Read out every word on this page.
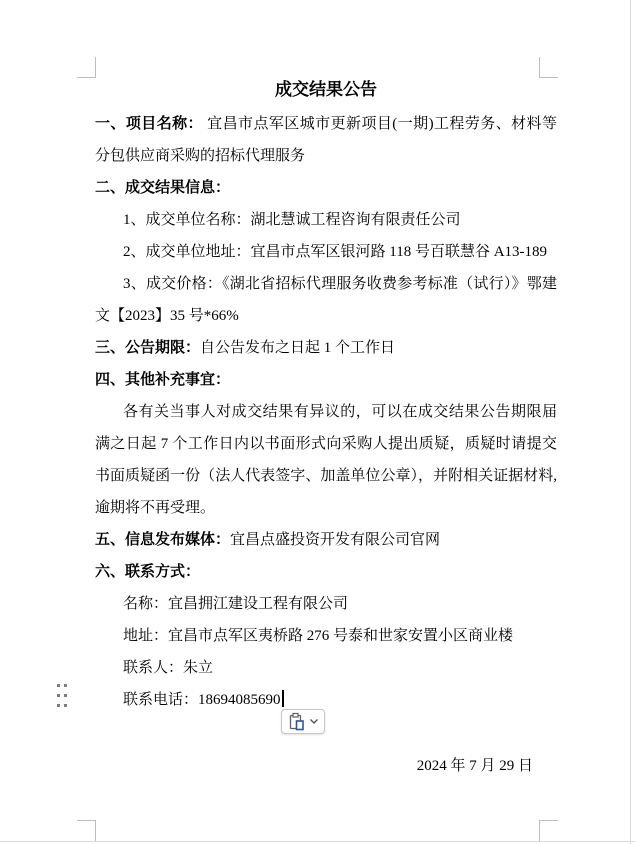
成交结果公告

一、项目名称： 宜昌市点军区城市更新项目(一期)工程劳务、材料等分包供应商采购的招标代理服务

二、成交结果信息：

1、成交单位名称：湖北慧诚工程咨询有限责任公司

2、成交单位地址：宜昌市点军区银河路 118 号百联慧谷 A13-189

3、成交价格：《湖北省招标代理服务收费参考标准（试行）》鄂建文【2023】35 号*66%

三、公告期限：自公告发布之日起 1 个工作日

四、其他补充事宜：

各有关当事人对成交结果有异议的，可以在成交结果公告期限届满之日起 7 个工作日内以书面形式向采购人提出质疑，质疑时请提交书面质疑函一份（法人代表签字、加盖单位公章），并附相关证据材料,逾期将不再受理。

五、信息发布媒体：宜昌点盛投资开发有限公司官网

六、联系方式：

名称：宜昌拥江建设工程有限公司

地址：宜昌市点军区夷桥路 276 号泰和世家安置小区商业楼

联系人：朱立

联系电话：18694085690

2024 年 7 月 29 日
